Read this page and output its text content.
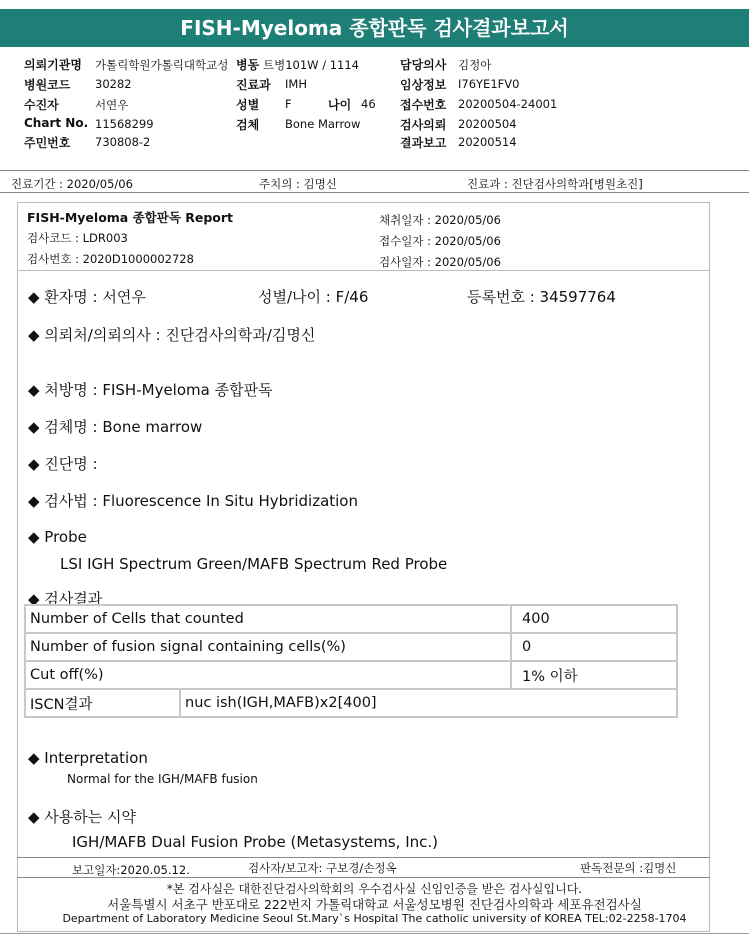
FISH-Myeloma 종합판독 검사결과보고서
의뢰기관명 가톨릭학원가톨릭대학교성 병동 트병101W / 1114	담당의사 김정아
병원코드 30282	진료과 IMH	임상정보 I76YE1FV0
수진자	서연우	성별 F	나이 46 접수번호 20200504-24001
Chart No. 11568299	검체 Bone Marrow	검사의뢰 20200504
주민번호 730808-2	결과보고 20200514
진료기간 : 2020/05/06	주치의 : 김명신	진료과 : 진단검사의학과[병원초진]
FISH-Myeloma 종합판독 Report
검사코드 : LDR003
검사번호 : 2020D1000002728
채취일자 : 2020/05/06
접수일자 : 2020/05/06
검사일자 : 2020/05/06
◆ 환자명 : 서연우	성별/나이 : F/46	등록번호 : 34597764
◆ 의뢰처/의뢰의사 : 진단검사의학과/김명신
◆ 처방명 : FISH-Myeloma 종합판독
◆ 검체명 : Bone marrow
◆ 진단명 :
◆ 검사법 : Fluorescence In Situ Hybridization
◆ Probe
LSI IGH Spectrum Green/MAFB Spectrum Red Probe
◆ 검사결과
Number of Cells that counted		400
Number of fusion signal containing cells(%)		0
Cut off(%)		1% 이하
ISCN결과	nuc ish(IGH,MAFB)x2[400]	
◆ Interpretation
Normal for the IGH/MAFB fusion
◆ 사용하는 시약
IGH/MAFB Dual Fusion Probe (Metasystems, Inc.)
보고일자:2020.05.12.	검사자/보고자: 구보경/손정옥	판독전문의 :김명신
*본 검사실은 대한진단검사의학회의 우수검사실 신임인증을 받은 검사실입니다.
서울특별시 서초구 반포대로 222번지 가톨릭대학교 서울성모병원 진단검사의학과 세포유전검사실
Department of Laboratory Medicine Seoul St.Mary`s Hospital The catholic university of KOREA TEL:02-2258-1704
